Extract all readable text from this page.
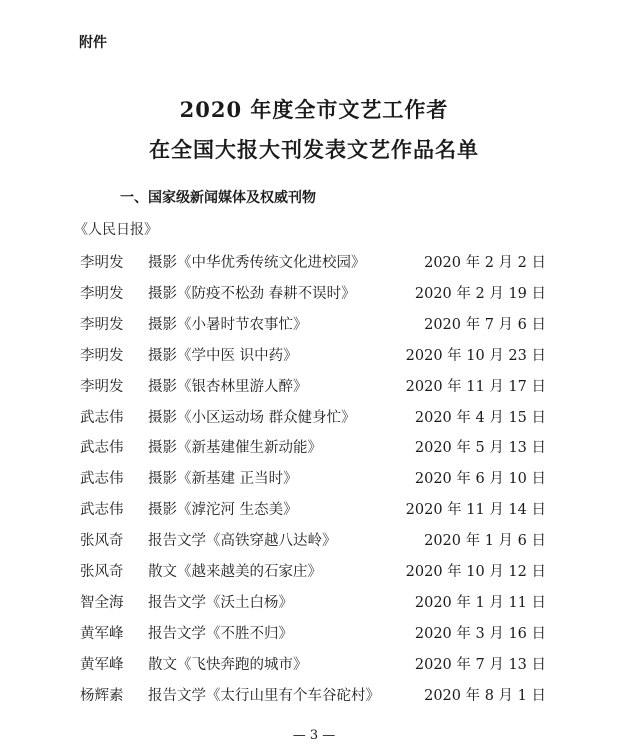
附件
2020 年度全市文艺工作者
在全国大报大刊发表文艺作品名单
一、国家级新闻媒体及权威刊物
《人民日报》
李明发 摄影《中华优秀传统文化进校园》	2020 年 2 月 2 日
李明发 摄影《防疫不松劲 春耕不误时》	2020 年 2 月 19 日
李明发 摄影《小暑时节农事忙》	2020 年 7 月 6 日
李明发 摄影《学中医 识中药》	2020 年 10 月 23 日
李明发 摄影《银杏林里游人醉》	2020 年 11 月 17 日
武志伟 摄影《小区运动场 群众健身忙》	2020 年 4 月 15 日
武志伟 摄影《新基建催生新动能》	2020 年 5 月 13 日
武志伟 摄影《新基建 正当时》	2020 年 6 月 10 日
武志伟 摄影《滹沱河 生态美》	2020 年 11 月 14 日
张风奇 报告文学《高铁穿越八达岭》	2020 年 1 月 6 日
张风奇 散文《越来越美的石家庄》	2020 年 10 月 12 日
智全海 报告文学《沃土白杨》	2020 年 1 月 11 日
黄军峰 报告文学《不胜不归》	2020 年 3 月 16 日
黄军峰 散文《飞快奔跑的城市》	2020 年 7 月 13 日
杨辉素 报告文学《太行山里有个车谷砣村》	2020 年 8 月 1 日
— 3 —
